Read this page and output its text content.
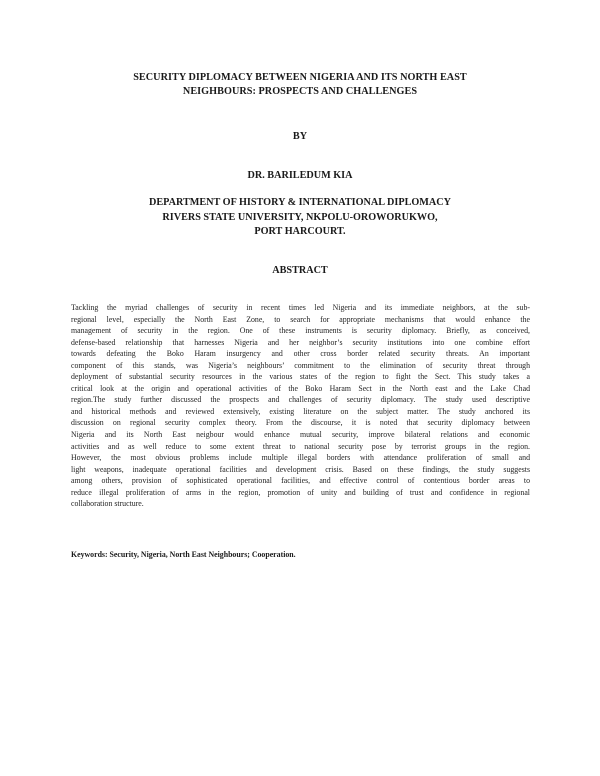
SECURITY DIPLOMACY BETWEEN NIGERIA AND ITS NORTH EAST
NEIGHBOURS: PROSPECTS AND CHALLENGES
BY
DR. BARILEDUM KIA
DEPARTMENT OF HISTORY & INTERNATIONAL DIPLOMACY
RIVERS STATE UNIVERSITY, NKPOLU-OROWORUKWO,
PORT HARCOURT.
ABSTRACT
Tackling the myriad challenges of security in recent times led Nigeria and its immediate neighbors, at the sub-
regional level, especially the North East Zone, to search for appropriate mechanisms that would enhance the
management of security in the region. One of these instruments is security diplomacy. Briefly, as conceived,
defense-based relationship that harnesses Nigeria and her neighbor’s security institutions into one combine effort
towards defeating the Boko Haram insurgency and other cross border related security threats. An important
component of this stands, was Nigeria’s neighbours’ commitment to the elimination of security threat through
deployment of substantial security resources in the various states of the region to fight the Sect. This study takes a
critical look at the origin and operational activities of the Boko Haram Sect in the North east and the Lake Chad
region.The study further discussed the prospects and challenges of security diplomacy. The study used descriptive
and historical methods and reviewed extensively, existing literature on the subject matter. The study anchored its
discussion on regional security complex theory. From the discourse, it is noted that security diplomacy between
Nigeria and its North East neigbour would enhance mutual security, improve bilateral relations and economic
activities and as well reduce to some extent threat to national security pose by terrorist groups in the region.
However, the most obvious problems include multiple illegal borders with attendance proliferation of small and
light weapons, inadequate operational facilities and development crisis. Based on these findings, the study suggests
among others, provision of sophisticated operational facilities, and effective control of contentious border areas to
reduce illegal proliferation of arms in the region, promotion of unity and building of trust and confidence in regional
collaboration structure.
Keywords: Security, Nigeria, North East Neighbours; Cooperation.
